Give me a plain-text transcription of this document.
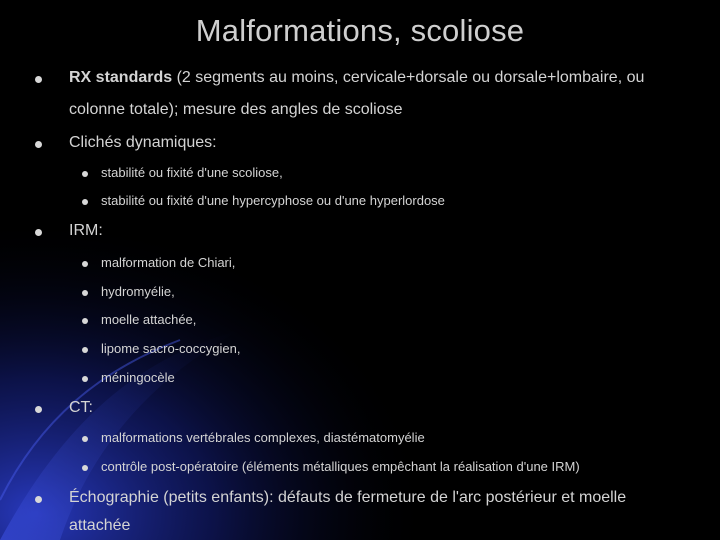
Malformations, scoliose
RX standards (2 segments au moins, cervicale+dorsale ou dorsale+lombaire, ou
colonne totale); mesure des angles de scoliose
Clichés dynamiques:
stabilité ou fixité d'une scoliose,
stabilité ou fixité d'une hypercyphose ou d'une hyperlordose
IRM:
malformation de Chiari,
hydromyélie,
moelle attachée,
lipome sacro-coccygien,
méningocèle
CT:
malformations vertébrales complexes, diastématomyélie
contrôle post-opératoire (éléments métalliques empêchant la réalisation d'une IRM)
Échographie (petits enfants): défauts de fermeture de l'arc postérieur et moelle
attachée
